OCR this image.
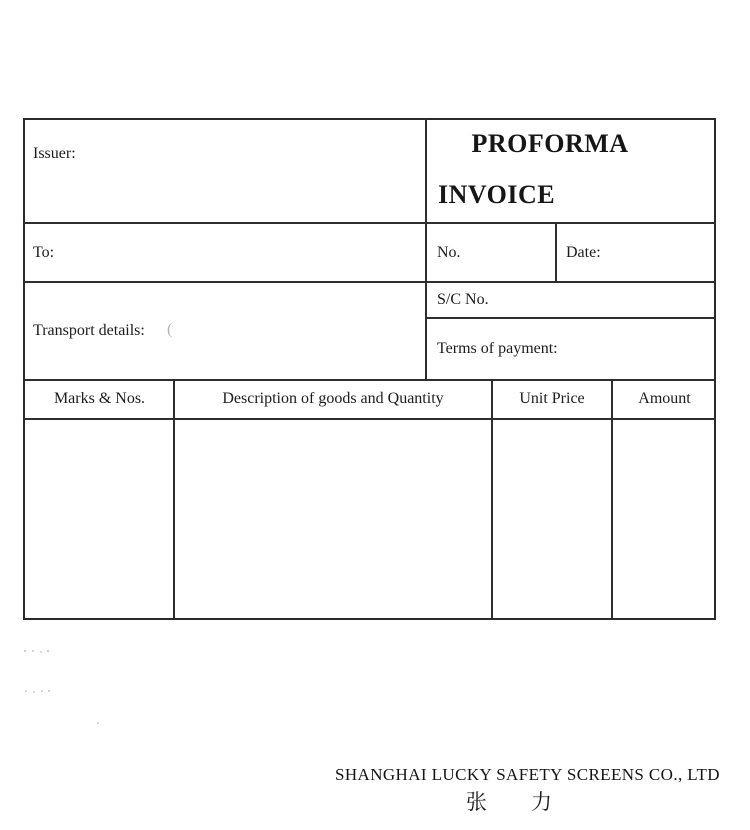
Issuer:	PROFORMA
INVOICE
To:	No.	Date:
Transport details: (
S/C No.
Terms of payment:
Marks & Nos.	Description of goods and Quantity	Unit Price	Amount
SHANGHAI LUCKY SAFETY SCREENS CO., LTD
张 力
